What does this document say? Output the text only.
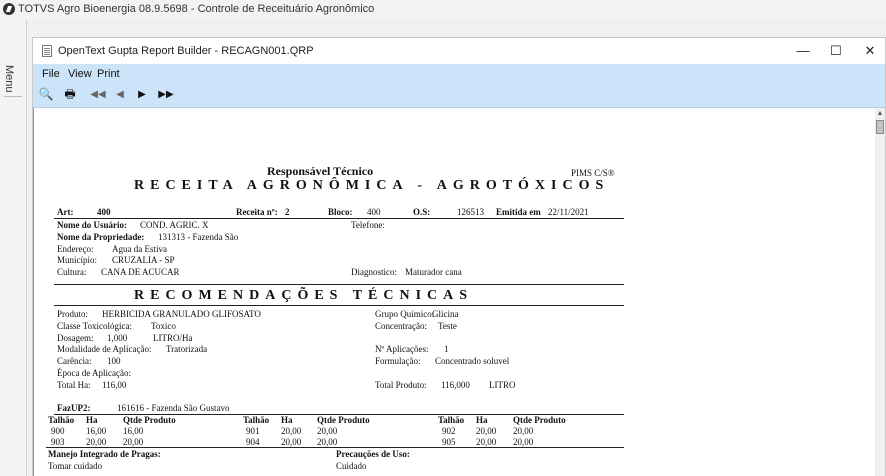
TOTVS Agro Bioenergia 08.9.5698 - Controle de Receituário Agronômico
Menu
OpenText Gupta Report Builder - RECAGN001.QRP	—	☐	✕
File View Print
🔍 🖶	◀◀	◀	▶	▶▶
Responsável Técnico	PIMS C/S®
RECEITA AGRONÔMICA - AGROTÓXICOS
Art:	400	Receita nº: 2	Bloco: 400	O.S:	126513 Emitida em 22/11/2021
Nome do Usuário: COND. AGRIC. X	Telefone:
Nome da Propriedade: 131313 - Fazenda São
Endereço: Agua da Estiva
Município: CRUZALIA - SP
Cultura: CANA DE ACUCAR	Diagnostico: Maturador cana
RECOMENDAÇÕES TÉCNICAS
Produto: HERBICIDA GRANULADO GLIFOSATO	Grupo Químico:
Glicina
Classe Toxicológica: Toxico	Concentração: Teste
Dosagem: 1,000	LITRO/Ha
Modalidade de Aplicação: Tratorizada	Nº Aplicações: 1
Carência: 100	Formulação: Concentrado soluvel
Época de Aplicação:
Total Ha: 116,00	Total Produto: 116,000 LITRO
FazUP2:	161616 - Fazenda São Gustavo
Talhão Ha	Qtde Produto	Talhão Ha	Qtde Produto	Talhão Ha	Qtde Produto
900 16,00 16,00	901 20,00 20,00	902 20,00 20,00
903 20,00 20,00	904 20,00 20,00	905 20,00 20,00
Manejo Integrado de Pragas:	Precauções de Uso:
Tomar cuidado	Cuidado
▲
